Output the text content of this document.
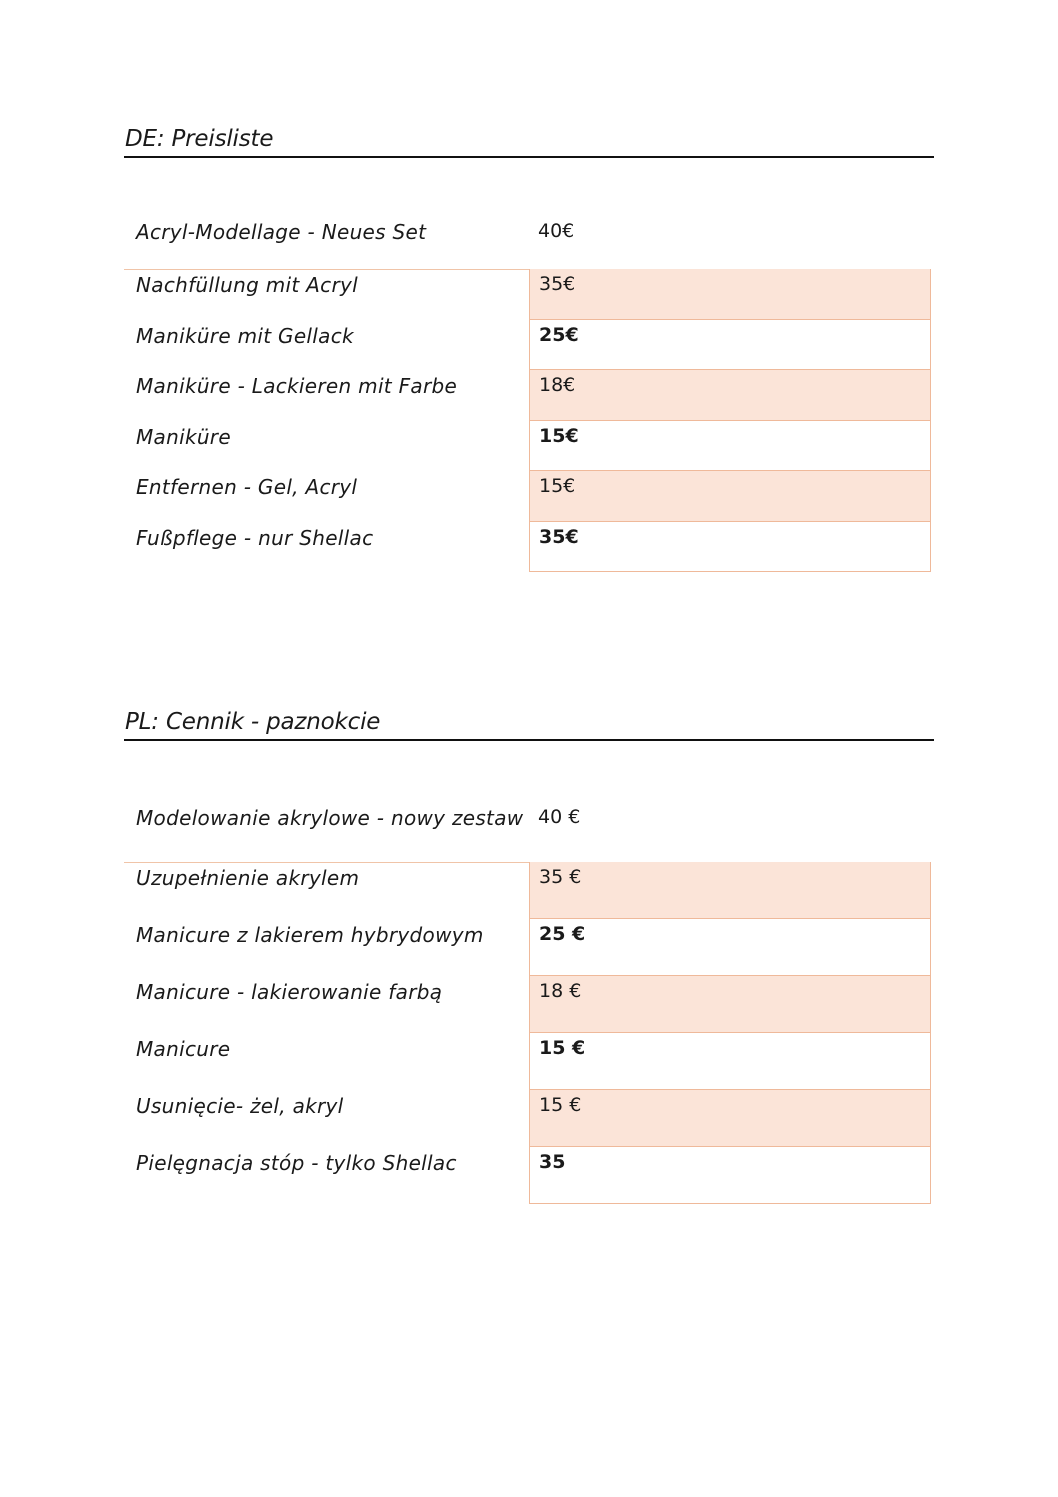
DE: Preisliste
Acryl-Modellage - Neues Set	40€
Nachfüllung mit Acryl	35€
Maniküre mit Gellack	25€
Maniküre - Lackieren mit Farbe	18€
Maniküre	15€
Entfernen - Gel, Acryl	15€
Fußpflege - nur Shellac	35€
PL: Cennik - paznokcie
Modelowanie akrylowe - nowy zestaw 40 €
Uzupełnienie akrylem	35 €
Manicure z lakierem hybrydowym	25 €
Manicure - lakierowanie farbą	18 €
Manicure	15 €
Usunięcie- żel, akryl	15 €
Pielęgnacja stóp - tylko Shellac	35
